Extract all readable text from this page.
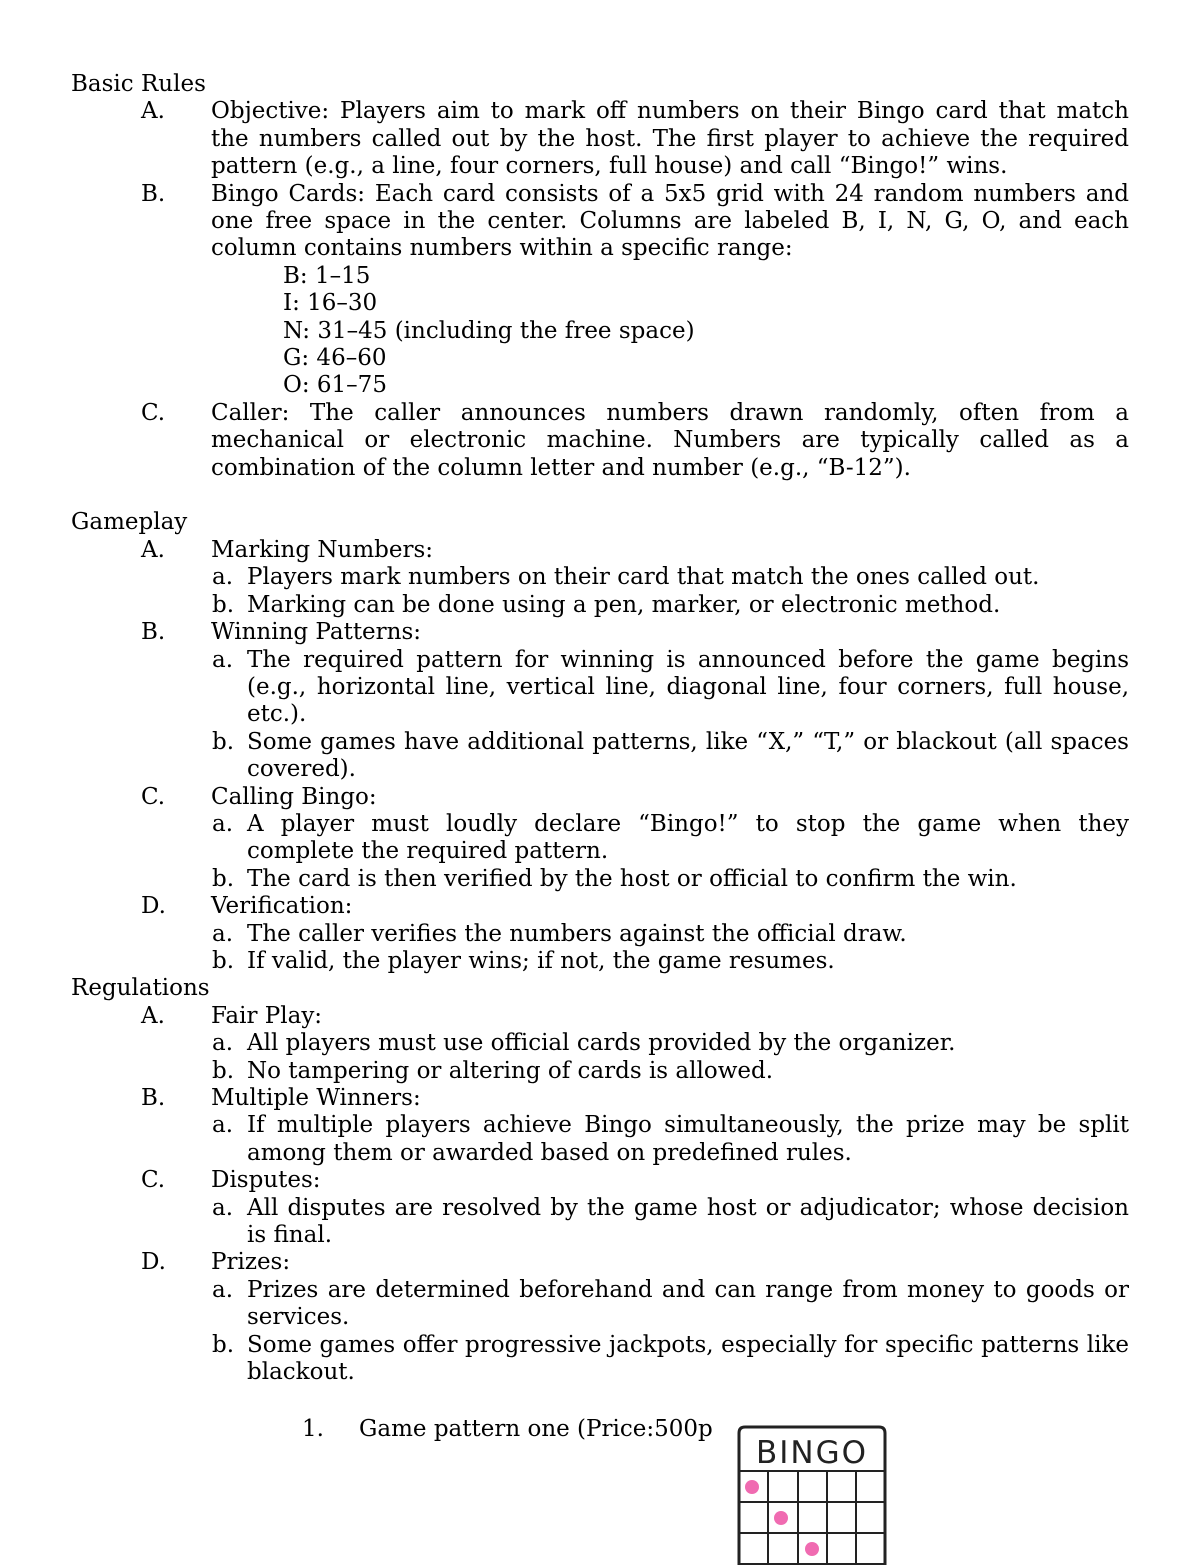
Basic Rules
A. Objective: Players aim to mark off numbers on their Bingo card that match the numbers called out by the host. The first player to achieve the required pattern (e.g., a line, four corners, full house) and call “Bingo!” wins.
B. Bingo Cards: Each card consists of a 5x5 grid with 24 random numbers and one free space in the center. Columns are labeled B, I, N, G, O, and each column contains numbers within a specific range:
B: 1–15
I: 16–30
N: 31–45 (including the free space)
G: 46–60
O: 61–75
C. Caller: The caller announces numbers drawn randomly, often from a mechanical or electronic machine. Numbers are typically called as a combination of the column letter and number (e.g., “B-12”).
Gameplay
A. Marking Numbers:
a. Players mark numbers on their card that match the ones called out.
b. Marking can be done using a pen, marker, or electronic method.
B. Winning Patterns:
a. The required pattern for winning is announced before the game begins (e.g., horizontal line, vertical line, diagonal line, four corners, full house, etc.).
b. Some games have additional patterns, like “X,” “T,” or blackout (all spaces covered).
C. Calling Bingo:
a. A player must loudly declare “Bingo!” to stop the game when they complete the required pattern.
b. The card is then verified by the host or official to confirm the win.
D. Verification:
a. The caller verifies the numbers against the official draw.
b. If valid, the player wins; if not, the game resumes.
Regulations
A. Fair Play:
a. All players must use official cards provided by the organizer.
b. No tampering or altering of cards is allowed.
B. Multiple Winners:
a. If multiple players achieve Bingo simultaneously, the prize may be split among them or awarded based on predefined rules.
C. Disputes:
a. All disputes are resolved by the game host or adjudicator; whose decision is final.
D. Prizes:
a. Prizes are determined beforehand and can range from money to goods or services.
b. Some games offer progressive jackpots, especially for specific patterns like blackout.
1. Game pattern one (Price:500p
BINGO
